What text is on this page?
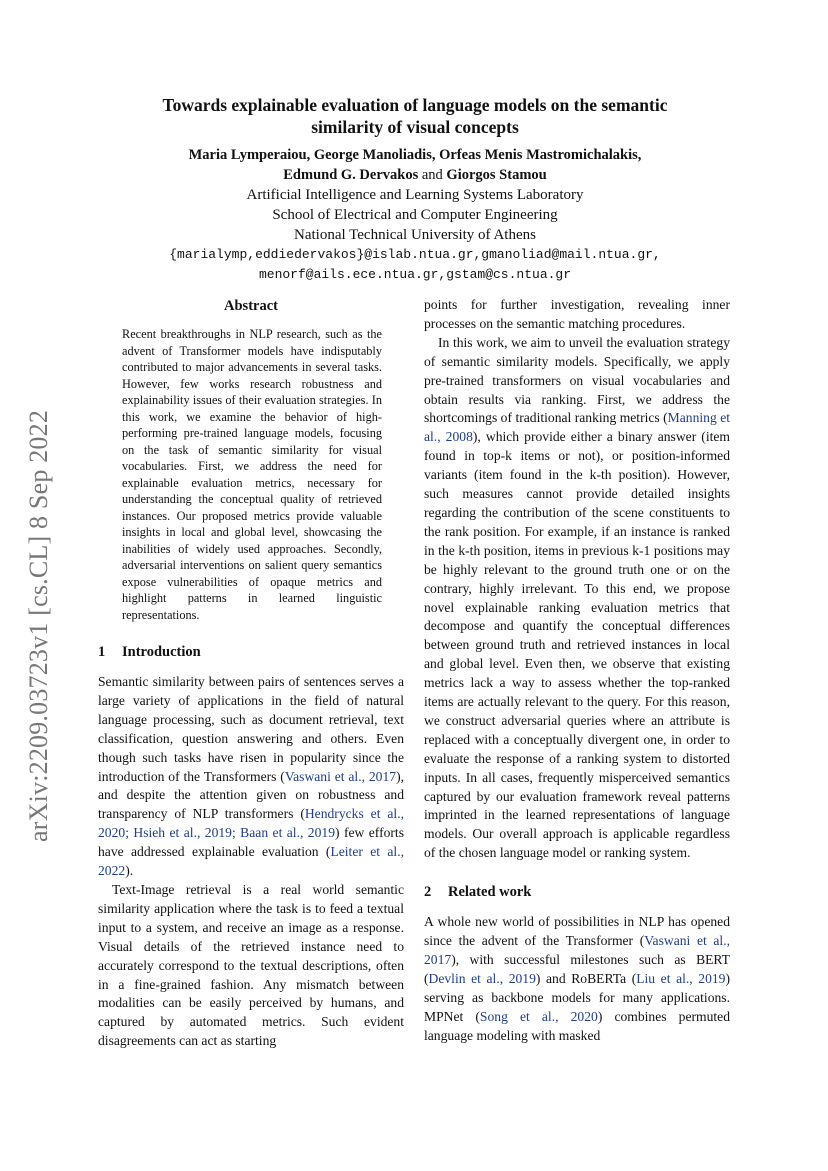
arXiv:2209.03723v1 [cs.CL] 8 Sep 2022
Towards explainable evaluation of language models on the semantic
similarity of visual concepts
Maria Lymperaiou, George Manoliadis, Orfeas Menis Mastromichalakis,
Edmund G. Dervakos and Giorgos Stamou
Artificial Intelligence and Learning Systems Laboratory
School of Electrical and Computer Engineering
National Technical University of Athens
{marialymp,eddiedervakos}@islab.ntua.gr,gmanoliad@mail.ntua.gr,
menorf@ails.ece.ntua.gr,gstam@cs.ntua.gr
Abstract

Recent breakthroughs in NLP research, such as the advent of Transformer models have indisputably contributed to major advancements in several tasks. However, few works research robustness and explainability issues of their evaluation strategies. In this work, we examine the behavior of high-performing pre-trained language models, focusing on the task of semantic similarity for visual vocabularies. First, we address the need for explainable evaluation metrics, necessary for understanding the conceptual quality of retrieved instances. Our proposed metrics provide valuable insights in local and global level, showcasing the inabilities of widely used approaches. Secondly, adversarial interventions on salient query semantics expose vulnerabilities of opaque metrics and highlight patterns in learned linguistic representations.

1 Introduction

Semantic similarity between pairs of sentences serves a large variety of applications in the field of natural language processing, such as document retrieval, text classification, question answering and others. Even though such tasks have risen in popularity since the introduction of the Transformers (Vaswani et al., 2017), and despite the attention given on robustness and transparency of NLP transformers (Hendrycks et al., 2020; Hsieh et al., 2019; Baan et al., 2019) few efforts have addressed explainable evaluation (Leiter et al., 2022).

Text-Image retrieval is a real world semantic similarity application where the task is to feed a textual input to a system, and receive an image as a response. Visual details of the retrieved instance need to accurately correspond to the textual descriptions, often in a fine-grained fashion. Any mismatch between modalities can be easily perceived by humans, and captured by automated metrics. Such evident disagreements can act as starting

points for further investigation, revealing inner processes on the semantic matching procedures.

In this work, we aim to unveil the evaluation strategy of semantic similarity models. Specifically, we apply pre-trained transformers on visual vocabularies and obtain results via ranking. First, we address the shortcomings of traditional ranking metrics (Manning et al., 2008), which provide either a binary answer (item found in top-k items or not), or position-informed variants (item found in the k-th position). However, such measures cannot provide detailed insights regarding the contribution of the scene constituents to the rank position. For example, if an instance is ranked in the k-th position, items in previous k-1 positions may be highly relevant to the ground truth one or on the contrary, highly irrelevant. To this end, we propose novel explainable ranking evaluation metrics that decompose and quantify the conceptual differences between ground truth and retrieved instances in local and global level. Even then, we observe that existing metrics lack a way to assess whether the top-ranked items are actually relevant to the query. For this reason, we construct adversarial queries where an attribute is replaced with a conceptually divergent one, in order to evaluate the response of a ranking system to distorted inputs. In all cases, frequently misperceived semantics captured by our evaluation framework reveal patterns imprinted in the learned representations of language models. Our overall approach is applicable regardless of the chosen language model or ranking system.

2 Related work

A whole new world of possibilities in NLP has opened since the advent of the Transformer (Vaswani et al., 2017), with successful milestones such as BERT (Devlin et al., 2019) and RoBERTa (Liu et al., 2019) serving as backbone models for many applications. MPNet (Song et al., 2020) combines permuted language modeling with masked
